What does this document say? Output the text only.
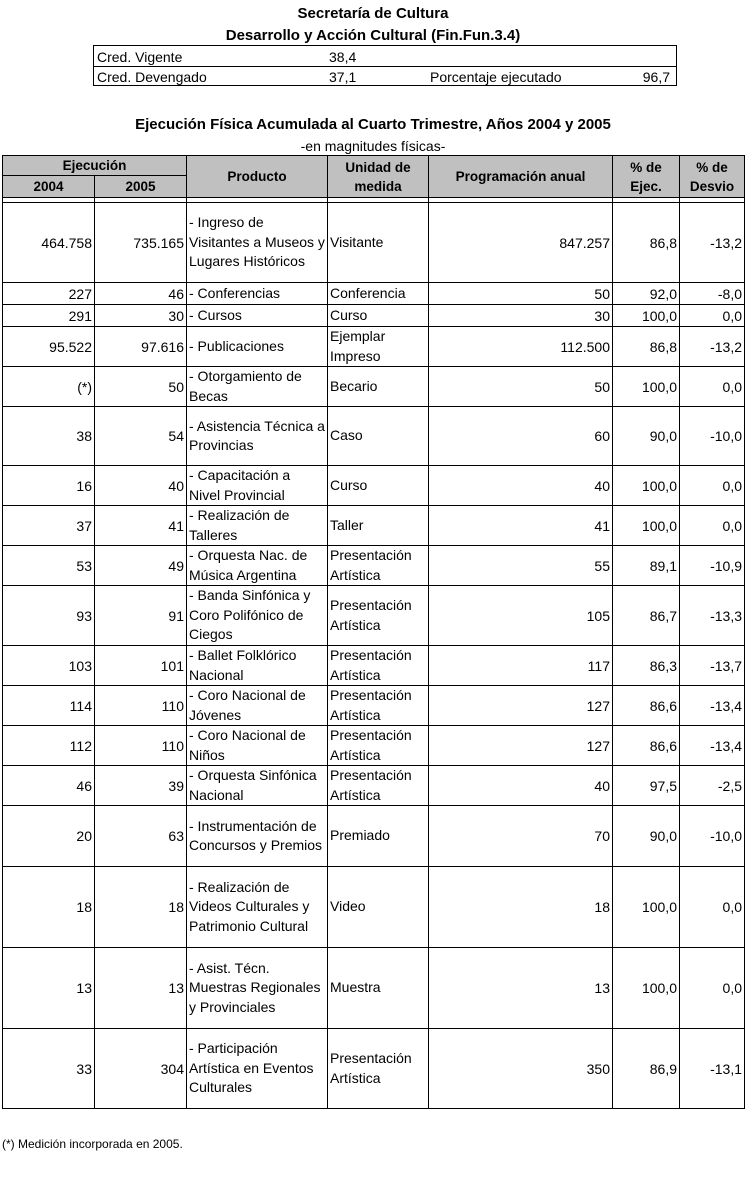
Secretaría de Cultura
Desarrollo y Acción Cultural (Fin.Fun.3.4)
Cred. Vigente	38,4
Cred. Devengado	37,1	Porcentaje ejecutado	96,7
Ejecución Física Acumulada al Cuarto Trimestre, Años 2004 y 2005
-en magnitudes físicas-
Ejecución		Producto	Unidad de medida	Programación anual	% de Ejec.	% de Desvio
2004	2005					

464.758	735.165	- Ingreso de Visitantes a Museos y Lugares Históricos	Visitante	847.257	86,8	-13,2
227	46	- Conferencias	Conferencia	50	92,0	-8,0
291	30	- Cursos	Curso	30	100,0	0,0
95.522	97.616	- Publicaciones	Ejemplar Impreso	112.500	86,8	-13,2
(*)	50	- Otorgamiento de Becas	Becario	50	100,0	0,0
38	54	- Asistencia Técnica a Provincias	Caso	60	90,0	-10,0
16	40	- Capacitación a Nivel Provincial	Curso	40	100,0	0,0
37	41	- Realización de Talleres	Taller	41	100,0	0,0
53	49	- Orquesta Nac. de Música Argentina	Presentación Artística	55	89,1	-10,9
93	91	- Banda Sinfónica y Coro Polifónico de Ciegos	Presentación Artística	105	86,7	-13,3
103	101	- Ballet Folklórico Nacional	Presentación Artística	117	86,3	-13,7
114	110	- Coro Nacional de Jóvenes	Presentación Artística	127	86,6	-13,4
112	110	- Coro Nacional de Niños	Presentación Artística	127	86,6	-13,4
46	39	- Orquesta Sinfónica Nacional	Presentación Artística	40	97,5	-2,5
20	63	- Instrumentación de Concursos y Premios	Premiado	70	90,0	-10,0
18	18	- Realización de Videos Culturales y Patrimonio Cultural	Video	18	100,0	0,0
13	13	- Asist. Técn. Muestras Regionales y Provinciales	Muestra	13	100,0	0,0
33	304	- Participación Artística en Eventos Culturales	Presentación Artística	350	86,9	-13,1
(*) Medición incorporada en 2005.
